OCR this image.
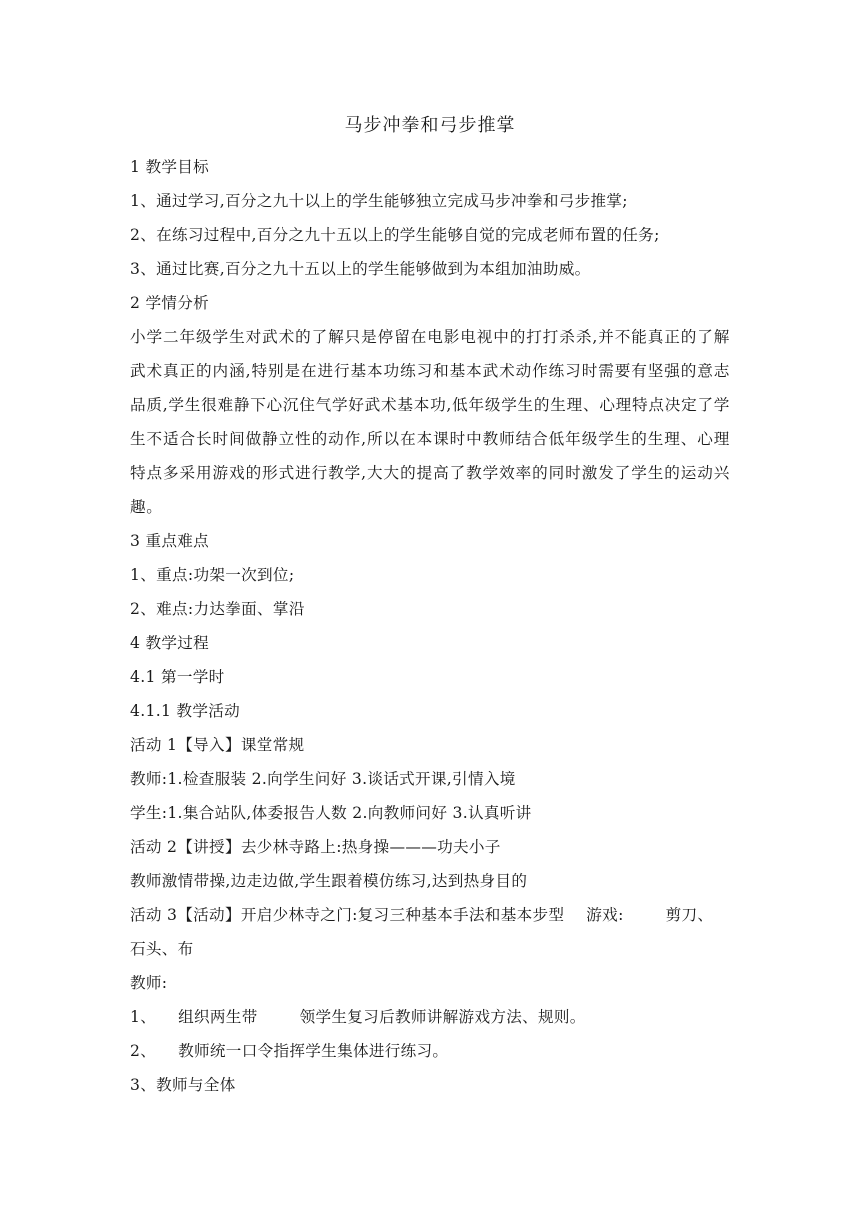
马步冲拳和弓步推掌

1 教学目标

1、通过学习,百分之九十以上的学生能够独立完成马步冲拳和弓步推掌;

2、在练习过程中,百分之九十五以上的学生能够自觉的完成老师布置的任务;

3、通过比赛,百分之九十五以上的学生能够做到为本组加油助威。

2 学情分析

小学二年级学生对武术的了解只是停留在电影电视中的打打杀杀,并不能真正的了解武术真正的内涵,特别是在进行基本功练习和基本武术动作练习时需要有坚强的意志品质,学生很难静下心沉住气学好武术基本功,低年级学生的生理、心理特点决定了学生不适合长时间做静立性的动作,所以在本课时中教师结合低年级学生的生理、心理特点多采用游戏的形式进行教学,大大的提高了教学效率的同时激发了学生的运动兴趣。

3 重点难点

1、重点:功架一次到位;

2、难点:力达拳面、掌沿

4 教学过程

4.1 第一学时

4.1.1 教学活动

活动 1【导入】课堂常规

教师:1.检查服装 2.向学生问好 3.谈话式开课,引情入境

学生:1.集合站队,体委报告人数 2.向教师问好 3.认真听讲

活动 2【讲授】去少林寺路上:热身操———功夫小子

教师激情带操,边走边做,学生跟着模仿练习,达到热身目的

活动 3【活动】开启少林寺之门:复习三种基本手法和基本步型 游戏:	剪刀、

石头、布

教师:

1、 组织两生带	领学生复习后教师讲解游戏方法、规则。

2、 教师统一口令指挥学生集体进行练习。

3、教师与全体
